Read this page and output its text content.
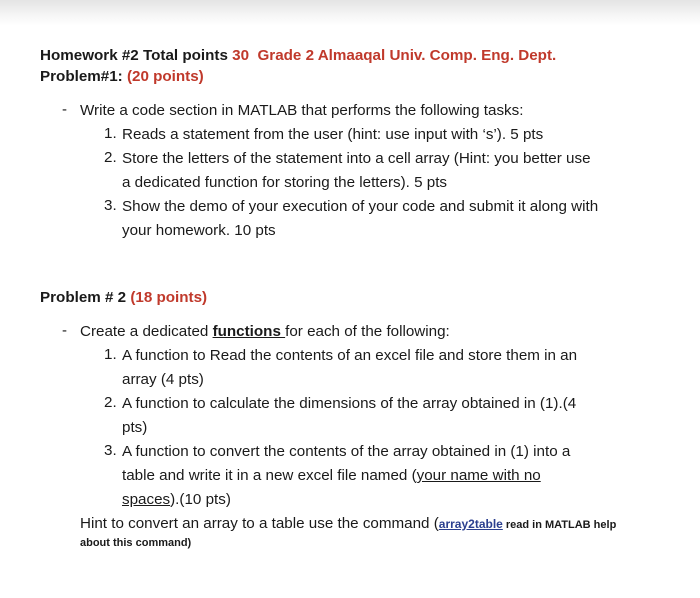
Homework #2 Total points 30 Grade 2 Almaaqal Univ. Comp. Eng. Dept.
Problem#1: (20 points)
- Write a code section in MATLAB that performs the following tasks:
1. Reads a statement from the user (hint: use input with ‘s’). 5 pts
2. Store the letters of the statement into a cell array (Hint: you better use
a dedicated function for storing the letters). 5 pts
3. Show the demo of your execution of your code and submit it along with
your homework. 10 pts
Problem # 2 (18 points)
- Create a dedicated functions for each of the following:
1. A function to Read the contents of an excel file and store them in an
array (4 pts)
2. A function to calculate the dimensions of the array obtained in (1).(4
pts)
3. A function to convert the contents of the array obtained in (1) into a
table and write it in a new excel file named (your name with no
spaces).(10 pts)
Hint to convert an array to a table use the command (array2table read in MATLAB help
about this command)
